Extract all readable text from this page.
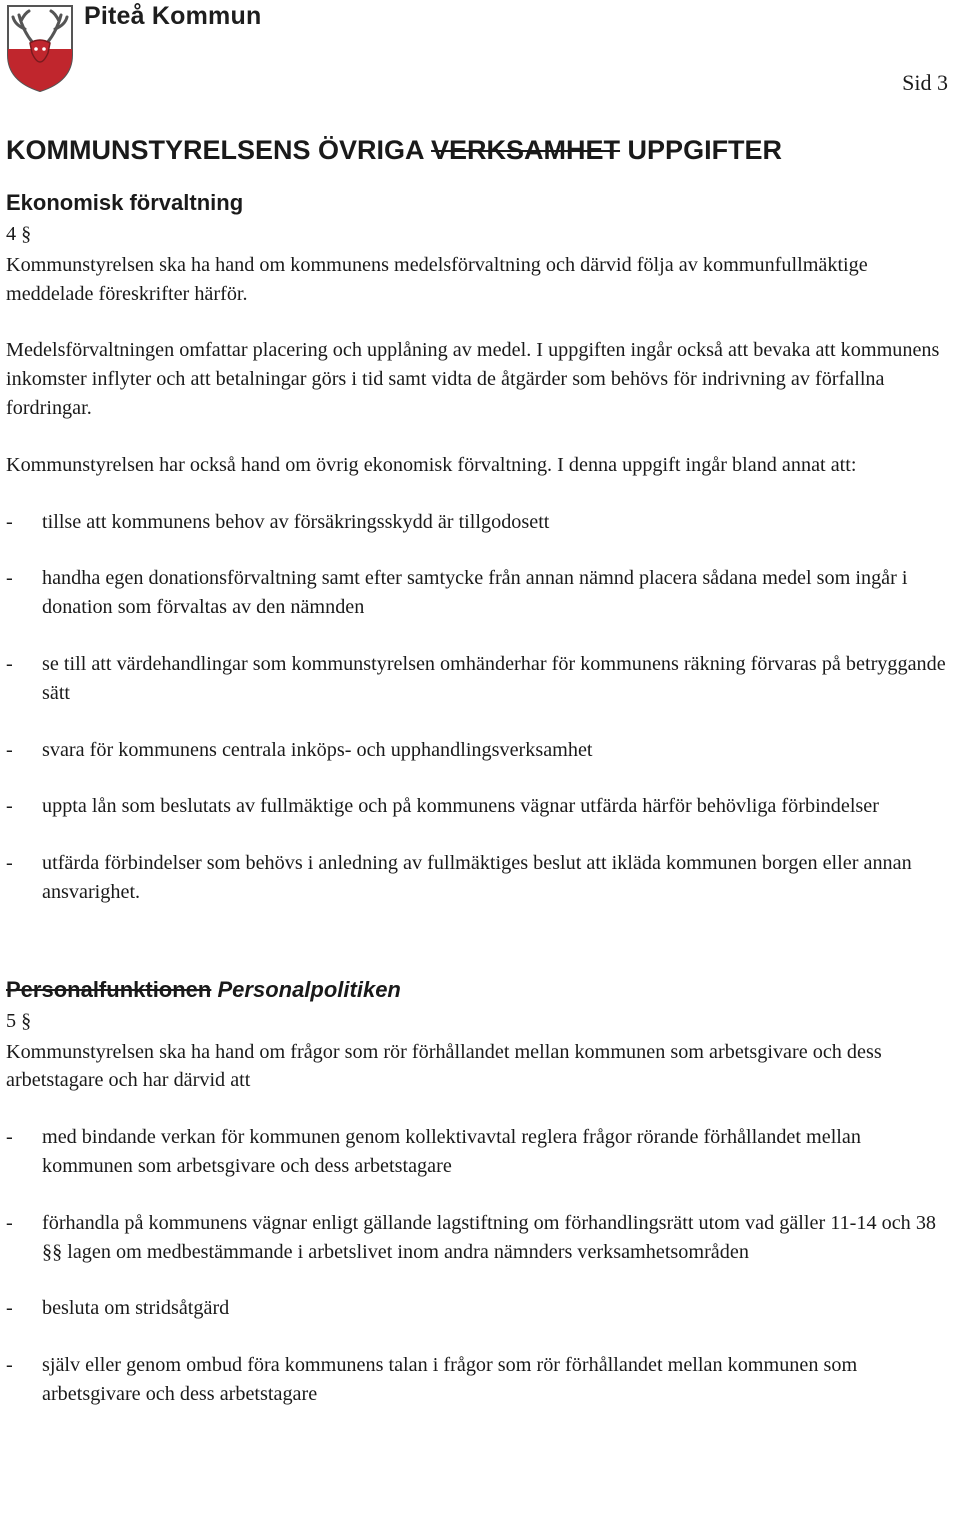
Piteå Kommun
Sid 3
KOMMUNSTYRELSENS ÖVRIGA VERKSAMHET UPPGIFTER
Ekonomisk förvaltning

4 §

Kommunstyrelsen ska ha hand om kommunens medelsförvaltning och därvid följa av kommunfullmäktige meddelade föreskrifter härför.

Medelsförvaltningen omfattar placering och upplåning av medel. I uppgiften ingår också att bevaka att kommunens inkomster inflyter och att betalningar görs i tid samt vidta de åtgärder som behövs för indrivning av förfallna fordringar.

Kommunstyrelsen har också hand om övrig ekonomisk förvaltning. I denna uppgift ingår bland annat att:

- tillse att kommunens behov av försäkringsskydd är tillgodosett
- handha egen donationsförvaltning samt efter samtycke från annan nämnd placera sådana medel som ingår i donation som förvaltas av den nämnden
- se till att värdehandlingar som kommunstyrelsen omhänderhar för kommunens räkning förvaras på betryggande sätt
- svara för kommunens centrala inköps- och upphandlingsverksamhet
- uppta lån som beslutats av fullmäktige och på kommunens vägnar utfärda härför behövliga förbindelser
- utfärda förbindelser som behövs i anledning av fullmäktiges beslut att ikläda kommunen borgen eller annan ansvarighet.
Personalfunktionen Personalpolitiken

5 §

Kommunstyrelsen ska ha hand om frågor som rör förhållandet mellan kommunen som arbetsgivare och dess arbetstagare och har därvid att

- med bindande verkan för kommunen genom kollektivavtal reglera frågor rörande förhållandet mellan kommunen som arbetsgivare och dess arbetstagare
- förhandla på kommunens vägnar enligt gällande lagstiftning om förhandlingsrätt utom vad gäller 11-14 och 38 §§ lagen om medbestämmande i arbetslivet inom andra nämnders verksamhetsområden
- besluta om stridsåtgärd
- själv eller genom ombud föra kommunens talan i frågor som rör förhållandet mellan kommunen som arbetsgivare och dess arbetstagare
